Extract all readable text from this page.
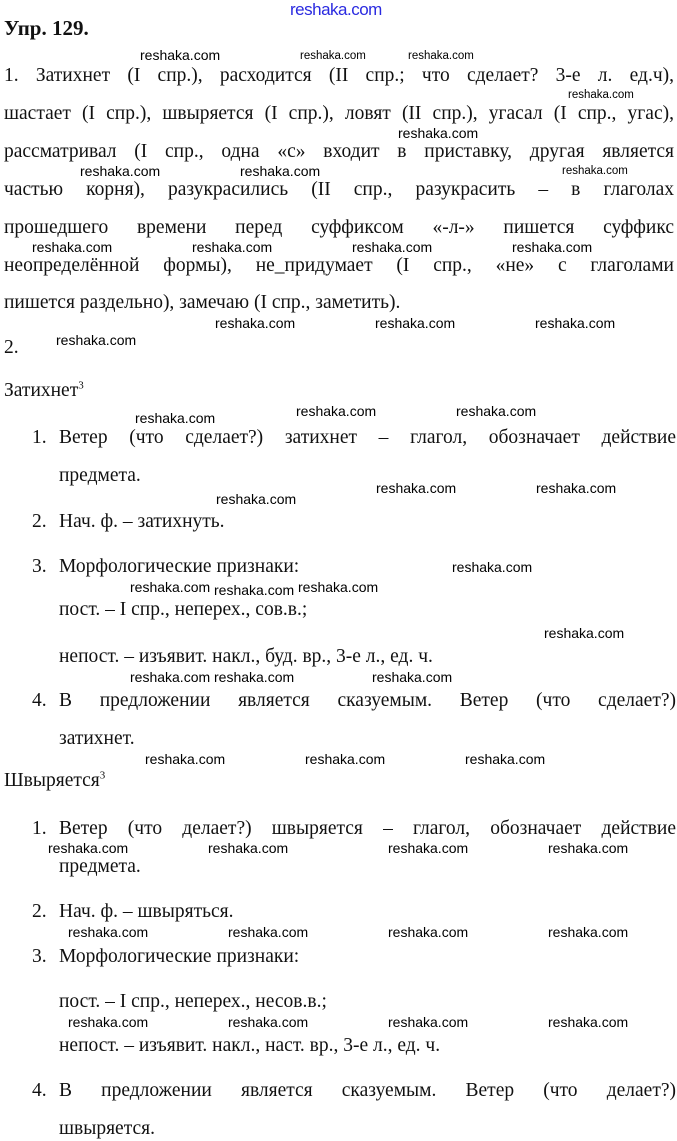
reshaka.com
Упр. 129.
1. Затихнет (I спр.), расходится (II спр.; что сделает? 3-е л. ед.ч),
шастает (I спр.), швыряется (I спр.), ловят (II спр.), угасал (I спр., угас),
рассматривал (I спр., одна «с» входит в приставку, другая является
частью корня), разукрасились (II спр., разукрасить – в глаголах
прошедшего времени перед суффиксом «-л-» пишется суффикс
неопределённой формы), не_придумает (I спр., «не» с глаголами
пишется раздельно), замечаю (I спр., заметить).
2.
Затихнет$^3$
1. Ветер (что сделает?) затихнет – глагол, обозначает действие
предмета.
2. Нач. ф. – затихнуть.
3. Морфологические признаки:
пост. – I спр., неперех., сов.в.;
непост. – изъявит. накл., буд. вр., 3-е л., ед. ч.
4. В предложении является сказуемым. Ветер (что сделает?)
затихнет.
Швыряется$^3$
1. Ветер (что делает?) швыряется – глагол, обозначает действие
предмета.
2. Нач. ф. – швыряться.
3. Морфологические признаки:
пост. – I спр., неперех., несов.в.;
непост. – изъявит. накл., наст. вр., 3-е л., ед. ч.
4. В предложении является сказуемым. Ветер (что делает?)
швыряется.
reshaka.com	reshaka.com	reshaka.com
reshaka.com
reshaka.com
reshaka.com	reshaka.com	reshaka.com
reshaka.com	reshaka.com	reshaka.com	reshaka.com
reshaka.com	reshaka.com	reshaka.com
reshaka.com
reshaka.com	reshaka.com	reshaka.com
reshaka.com
reshaka.com	reshaka.com
reshaka.com
reshaka.com
reshaka.com reshaka.com
reshaka.com
reshaka.com reshaka.com	reshaka.com
reshaka.com	reshaka.com	reshaka.com
reshaka.com	reshaka.com	reshaka.com	reshaka.com
reshaka.com	reshaka.com	reshaka.com	reshaka.com
reshaka.com	reshaka.com
reshaka.com	reshaka.com
